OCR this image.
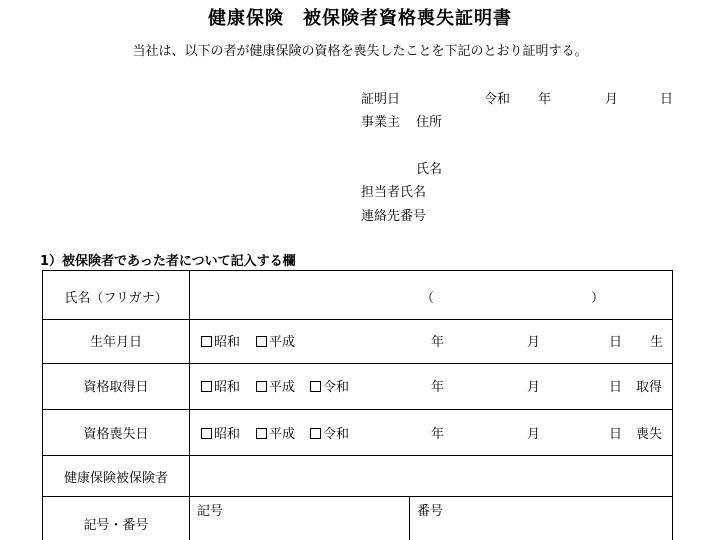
健康保険　被保険者資格喪失証明書
当社は、以下の者が健康保険の資格を喪失したことを下記のとおり証明する。
証明日	令和 年	月	日
事業主 住所
氏名
担当者氏名
連絡先番号
1）被保険者であった者について記入する欄
氏名（フリガナ）	（	）
生年月日	昭和	平成	年	月	日 生
資格取得日	昭和	平成	令和	年	月	日 取得
資格喪失日	昭和	平成	令和	年	月	日 喪失
健康保険被保険者
記号・番号
記号	番号
